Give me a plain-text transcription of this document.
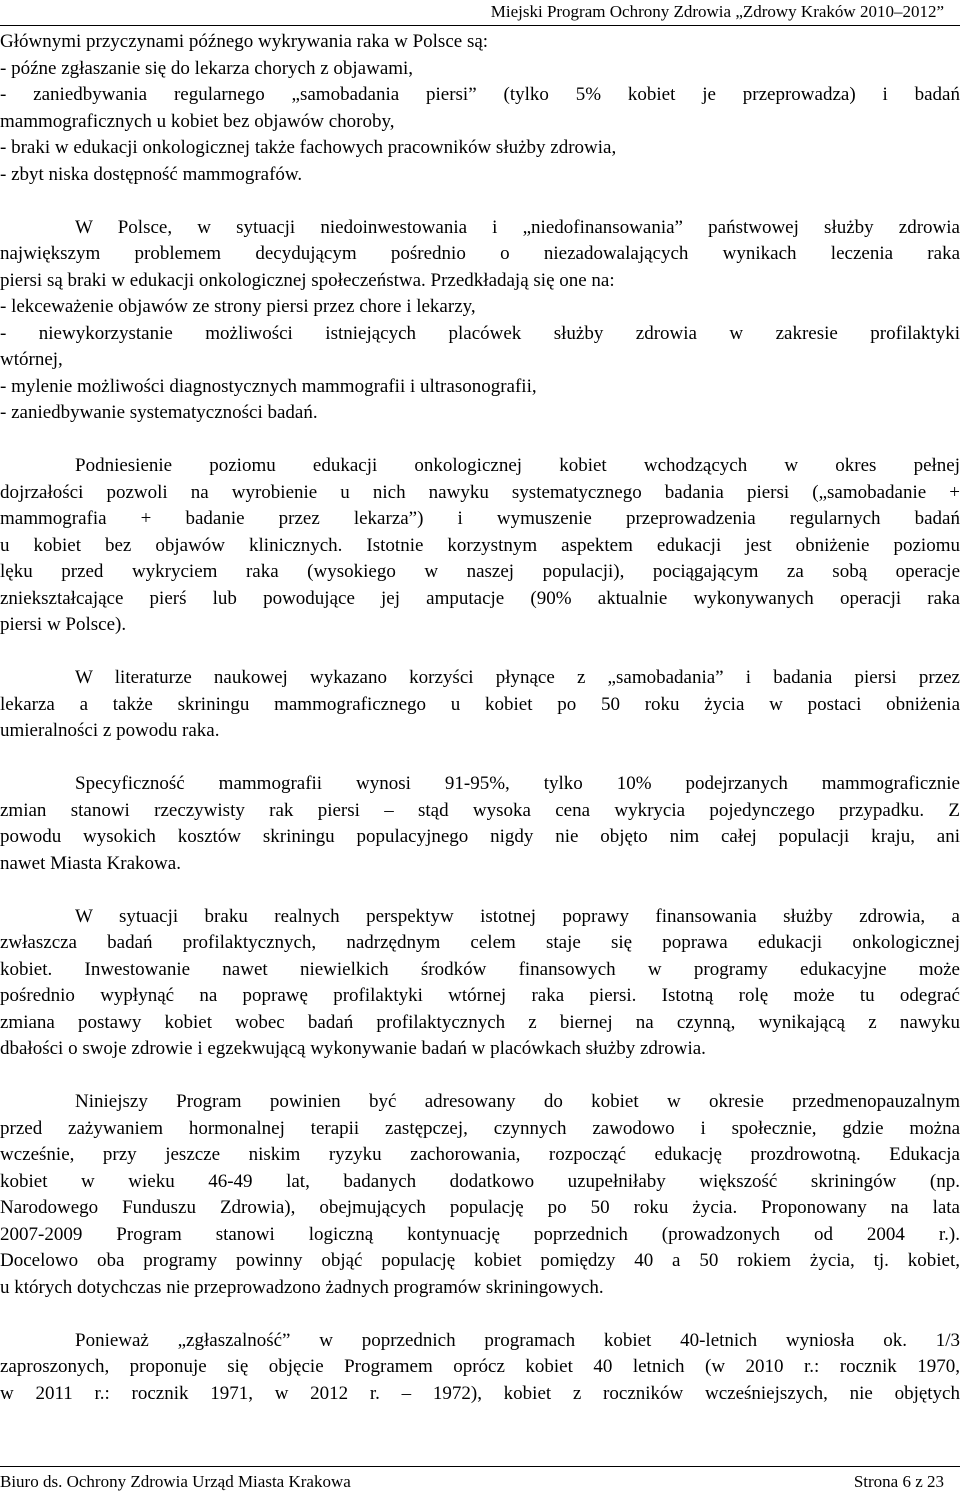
Miejski Program Ochrony Zdrowia „Zdrowy Kraków 2010–2012”
Głównymi przyczynami późnego wykrywania raka w Polsce są:
- późne zgłaszanie się do lekarza chorych z objawami,
- zaniedbywania regularnego „samobadania piersi” (tylko 5% kobiet je przeprowadza) i badań
mammograficznych u kobiet bez objawów choroby,
- braki w edukacji onkologicznej także fachowych pracowników służby zdrowia,
- zbyt niska dostępność mammografów.
W Polsce, w sytuacji niedoinwestowania i „niedofinansowania” państwowej służby zdrowia
największym problemem decydującym pośrednio o niezadowalających wynikach leczenia raka
piersi są braki w edukacji onkologicznej społeczeństwa. Przedkładają się one na:
- lekceważenie objawów ze strony piersi przez chore i lekarzy,
- niewykorzystanie możliwości istniejących placówek służby zdrowia w zakresie profilaktyki
wtórnej,
- mylenie możliwości diagnostycznych mammografii i ultrasonografii,
- zaniedbywanie systematyczności badań.
Podniesienie poziomu edukacji onkologicznej kobiet wchodzących w okres pełnej
dojrzałości pozwoli na wyrobienie u nich nawyku systematycznego badania piersi („samobadanie +
mammografia + badanie przez lekarza”) i wymuszenie przeprowadzenia regularnych badań
u kobiet bez objawów klinicznych. Istotnie korzystnym aspektem edukacji jest obniżenie poziomu
lęku przed wykryciem raka (wysokiego w naszej populacji), pociągającym za sobą operacje
zniekształcające pierś lub powodujące jej amputacje (90% aktualnie wykonywanych operacji raka
piersi w Polsce).
W literaturze naukowej wykazano korzyści płynące z „samobadania” i badania piersi przez
lekarza a także skriningu mammograficznego u kobiet po 50 roku życia w postaci obniżenia
umieralności z powodu raka.
Specyficzność mammografii wynosi 91-95%, tylko 10% podejrzanych mammograficznie
zmian stanowi rzeczywisty rak piersi – stąd wysoka cena wykrycia pojedynczego przypadku. Z
powodu wysokich kosztów skriningu populacyjnego nigdy nie objęto nim całej populacji kraju, ani
nawet Miasta Krakowa.
W sytuacji braku realnych perspektyw istotnej poprawy finansowania służby zdrowia, a
zwłaszcza badań profilaktycznych, nadrzędnym celem staje się poprawa edukacji onkologicznej
kobiet. Inwestowanie nawet niewielkich środków finansowych w programy edukacyjne może
pośrednio wypłynąć na poprawę profilaktyki wtórnej raka piersi. Istotną rolę może tu odegrać
zmiana postawy kobiet wobec badań profilaktycznych z biernej na czynną, wynikającą z nawyku
dbałości o swoje zdrowie i egzekwującą wykonywanie badań w placówkach służby zdrowia.
Niniejszy Program powinien być adresowany do kobiet w okresie przedmenopauzalnym
przed zażywaniem hormonalnej terapii zastępczej, czynnych zawodowo i społecznie, gdzie można
wcześnie, przy jeszcze niskim ryzyku zachorowania, rozpocząć edukację prozdrowotną. Edukacja
kobiet w wieku 46-49 lat, badanych dodatkowo uzupełniłaby większość skriningów (np.
Narodowego Funduszu Zdrowia), obejmujących populację po 50 roku życia. Proponowany na lata
2007-2009 Program stanowi logiczną kontynuację poprzednich (prowadzonych od 2004 r.).
Docelowo oba programy powinny objąć populację kobiet pomiędzy 40 a 50 rokiem życia, tj. kobiet,
u których dotychczas nie przeprowadzono żadnych programów skriningowych.
Ponieważ „zgłaszalność” w poprzednich programach kobiet 40-letnich wyniosła ok. 1/3
zaproszonych, proponuje się objęcie Programem oprócz kobiet 40 letnich (w 2010 r.: rocznik 1970,
w 2011 r.: rocznik 1971, w 2012 r. – 1972), kobiet z roczników wcześniejszych, nie objętych
Biuro ds. Ochrony Zdrowia Urząd Miasta Krakowa	Strona 6 z 23
